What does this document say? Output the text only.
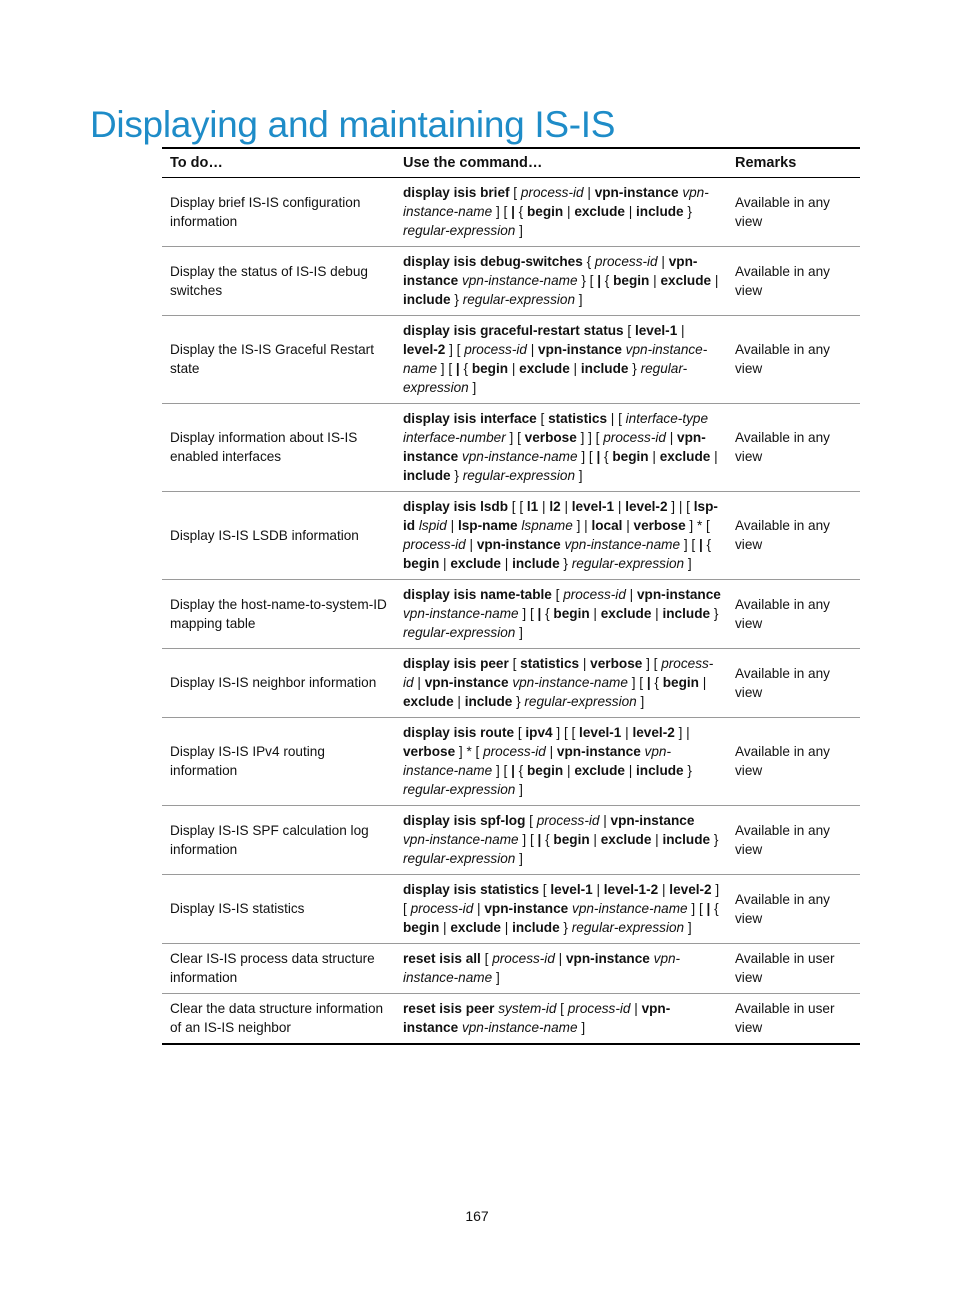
Displaying and maintaining IS-IS
To do…	Use the command…	Remarks
Display brief IS-IS configuration information	display isis brief [ process-id | vpn-instance vpn-instance-name ] [ | { begin | exclude | include } regular-expression ]	Available in any view
Display the status of IS-IS debug switches	display isis debug-switches { process-id | vpn-instance vpn-instance-name } [ | { begin | exclude | include } regular-expression ]	Available in any view
Display the IS-IS Graceful Restart state	display isis graceful-restart status [ level-1 | level-2 ] [ process-id | vpn-instance vpn-instance-name ] [ | { begin | exclude | include } regular-expression ]	Available in any view
Display information about IS-IS enabled interfaces	display isis interface [ statistics | [ interface-type interface-number ] [ verbose ] ] [ process-id | vpn-instance vpn-instance-name ] [ | { begin | exclude | include } regular-expression ]	Available in any view
Display IS-IS LSDB information	display isis lsdb [ [ l1 | l2 | level-1 | level-2 ] | [ lsp-id lspid | lsp-name lspname ] | local | verbose ] * [ process-id | vpn-instance vpn-instance-name ] [ | { begin | exclude | include } regular-expression ]	Available in any view
Display the host-name-to-system-ID mapping table	display isis name-table [ process-id | vpn-instance vpn-instance-name ] [ | { begin | exclude | include } regular-expression ]	Available in any view
Display IS-IS neighbor information	display isis peer [ statistics | verbose ] [ process-id | vpn-instance vpn-instance-name ] [ | { begin | exclude | include } regular-expression ]	Available in any view
Display IS-IS IPv4 routing information	display isis route [ ipv4 ] [ [ level-1 | level-2 ] | verbose ] * [ process-id | vpn-instance vpn-instance-name ] [ | { begin | exclude | include } regular-expression ]	Available in any view
Display IS-IS SPF calculation log information	display isis spf-log [ process-id | vpn-instance vpn-instance-name ] [ | { begin | exclude | include } regular-expression ]	Available in any view
Display IS-IS statistics	display isis statistics [ level-1 | level-1-2 | level-2 ] [ process-id | vpn-instance vpn-instance-name ] [ | { begin | exclude | include } regular-expression ]	Available in any view
Clear IS-IS process data structure information	reset isis all [ process-id | vpn-instance vpn-instance-name ]	Available in user view
Clear the data structure information of an IS-IS neighbor	reset isis peer system-id [ process-id | vpn-instance vpn-instance-name ]	Available in user view
167
